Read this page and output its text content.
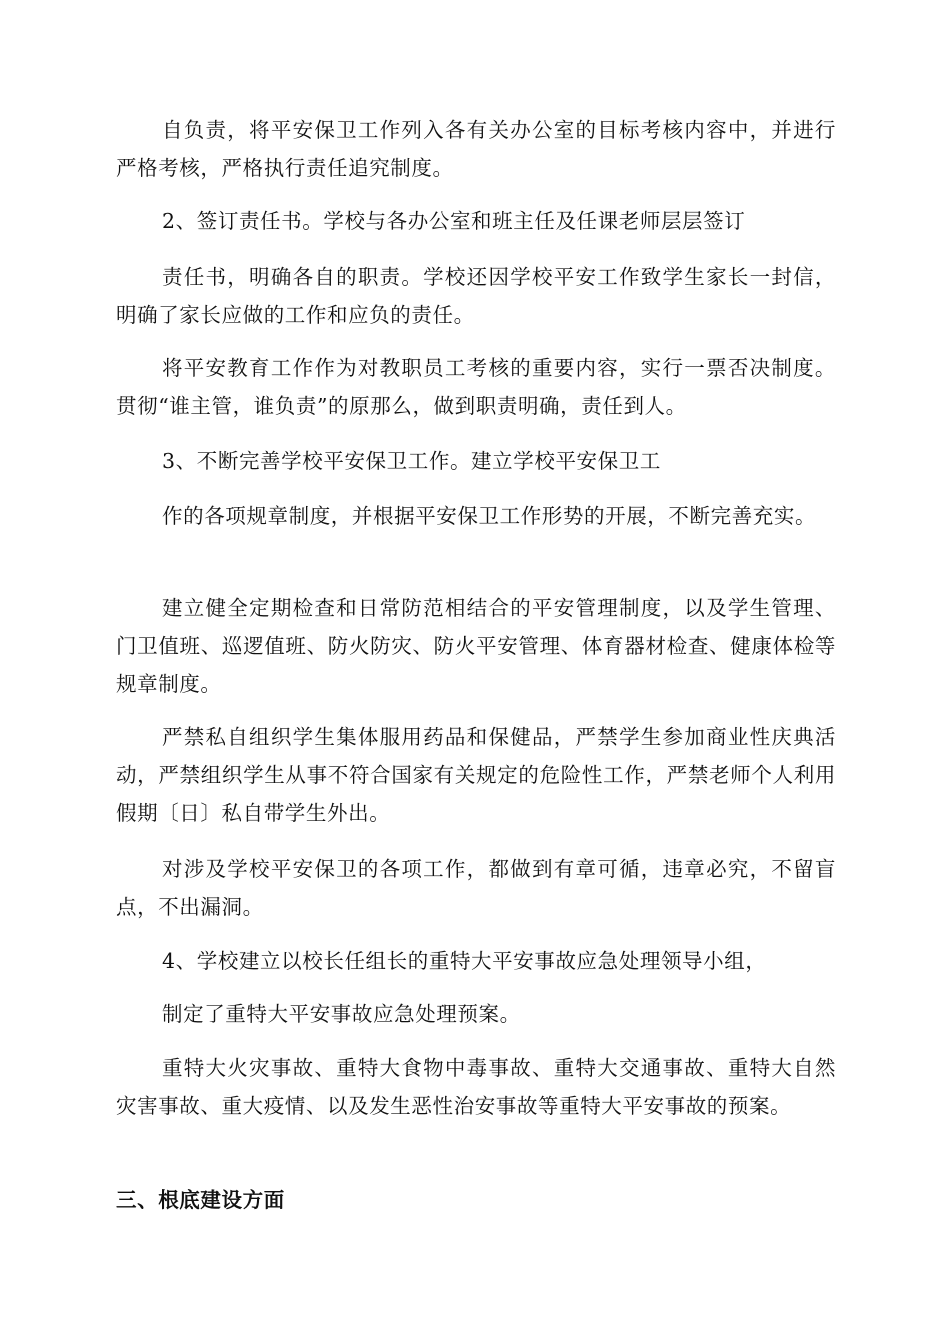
自负责，将平安保卫工作列入各有关办公室的目标考核内容中，并进行严格考核，严格执行责任追究制度。

2、签订责任书。学校与各办公室和班主任及任课老师层层签订

责任书，明确各自的职责。学校还因学校平安工作致学生家长一封信，明确了家长应做的工作和应负的责任。

将平安教育工作作为对教职员工考核的重要内容，实行一票否决制度。贯彻“谁主管，谁负责”的原那么，做到职责明确，责任到人。

3、不断完善学校平安保卫工作。建立学校平安保卫工

作的各项规章制度，并根据平安保卫工作形势的开展，不断完善充实。

建立健全定期检查和日常防范相结合的平安管理制度，以及学生管理、门卫值班、巡逻值班、防火防灾、防火平安管理、体育器材检查、健康体检等规章制度。

严禁私自组织学生集体服用药品和保健品，严禁学生参加商业性庆典活动，严禁组织学生从事不符合国家有关规定的危险性工作，严禁老师个人利用假期〔日〕私自带学生外出。

对涉及学校平安保卫的各项工作，都做到有章可循，违章必究，不留盲点，不出漏洞。

4、学校建立以校长任组长的重特大平安事故应急处理领导小组，

制定了重特大平安事故应急处理预案。

重特大火灾事故、重特大食物中毒事故、重特大交通事故、重特大自然灾害事故、重大疫情、以及发生恶性治安事故等重特大平安事故的预案。

三、根底建设方面
